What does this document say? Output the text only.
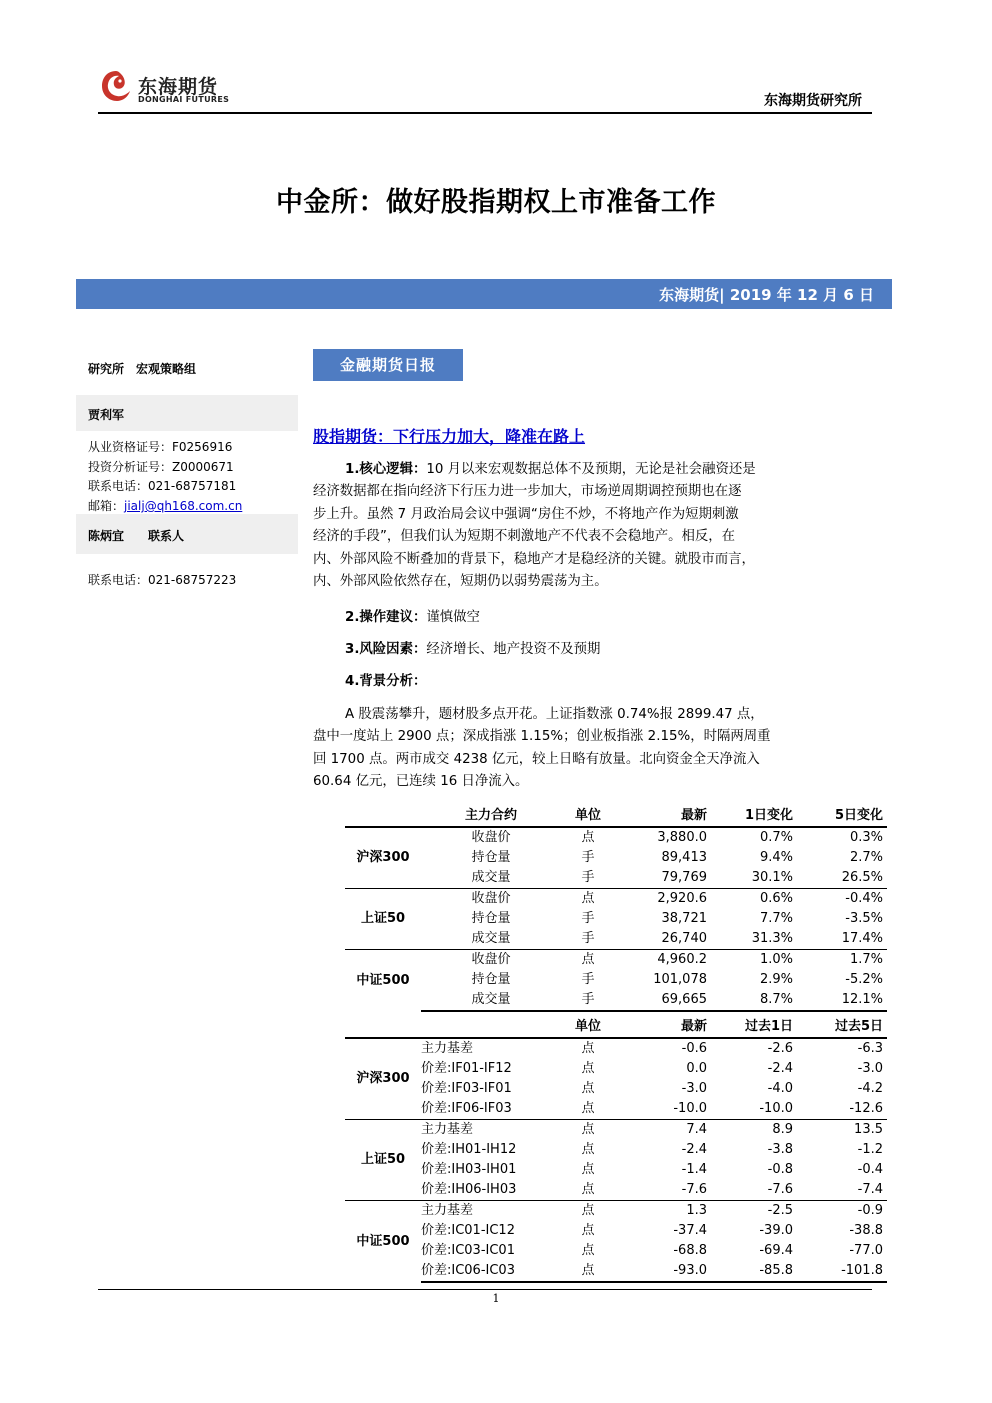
东海期货
DONGHAI FUTURES	东海期货研究所
中金所：做好股指期权上市准备工作
东海期货| 2019 年 12 月 6 日
研究所　宏观策略组
贾利军
从业资格证号：F0256916
投资分析证号：Z0000671
联系电话：021-68757181
邮箱：jialj@qh168.com.cn
陈炳宜　　联系人
联系电话：021-68757223
金融期货日报
股指期货：下行压力加大，降准在路上
1.核心逻辑：10 月以来宏观数据总体不及预期，无论是社会融资还是
经济数据都在指向经济下行压力进一步加大，市场逆周期调控预期也在逐
步上升。虽然 7 月政治局会议中强调“房住不炒，不将地产作为短期刺激
经济的手段”，但我们认为短期不刺激地产不代表不会稳地产。相反，在
内、外部风险不断叠加的背景下，稳地产才是稳经济的关键。就股市而言，
内、外部风险依然存在，短期仍以弱势震荡为主。
2.操作建议：谨慎做空
3.风险因素：经济增长、地产投资不及预期
4.背景分析：
A 股震荡攀升，题材股多点开花。上证指数涨 0.74%报 2899.47 点，
盘中一度站上 2900 点；深成指涨 1.15%；创业板指涨 2.15%，时隔两周重
回 1700 点。两市成交 4238 亿元，较上日略有放量。北向资金全天净流入
60.64 亿元，已连续 16 日净流入。
	主力合约	单位	最新	1日变化	5日变化
沪深300	收盘价	点	3,880.0	0.7%	0.3%
	持仓量	手	89,413	9.4%	2.7%
	成交量	手	79,769	30.1%	26.5%
上证50	收盘价	点	2,920.6	0.6%	-0.4%
	持仓量	手	38,721	7.7%	-3.5%
	成交量	手	26,740	31.3%	17.4%
中证500	收盘价	点	4,960.2	1.0%	1.7%
	持仓量	手	101,078	2.9%	-5.2%
	成交量	手	69,665	8.7%	12.1%
		单位	最新	过去1日	过去5日
沪深300	主力基差	点	-0.6	-2.6	-6.3
	价差:IF01-IF12	点	0.0	-2.4	-3.0
	价差:IF03-IF01	点	-3.0	-4.0	-4.2
	价差:IF06-IF03	点	-10.0	-10.0	-12.6
上证50	主力基差	点	7.4	8.9	13.5
	价差:IH01-IH12	点	-2.4	-3.8	-1.2
	价差:IH03-IH01	点	-1.4	-0.8	-0.4
	价差:IH06-IH03	点	-7.6	-7.6	-7.4
中证500	主力基差	点	1.3	-2.5	-0.9
	价差:IC01-IC12	点	-37.4	-39.0	-38.8
	价差:IC03-IC01	点	-68.8	-69.4	-77.0
	价差:IC06-IC03	点	-93.0	-85.8	-101.8
1
